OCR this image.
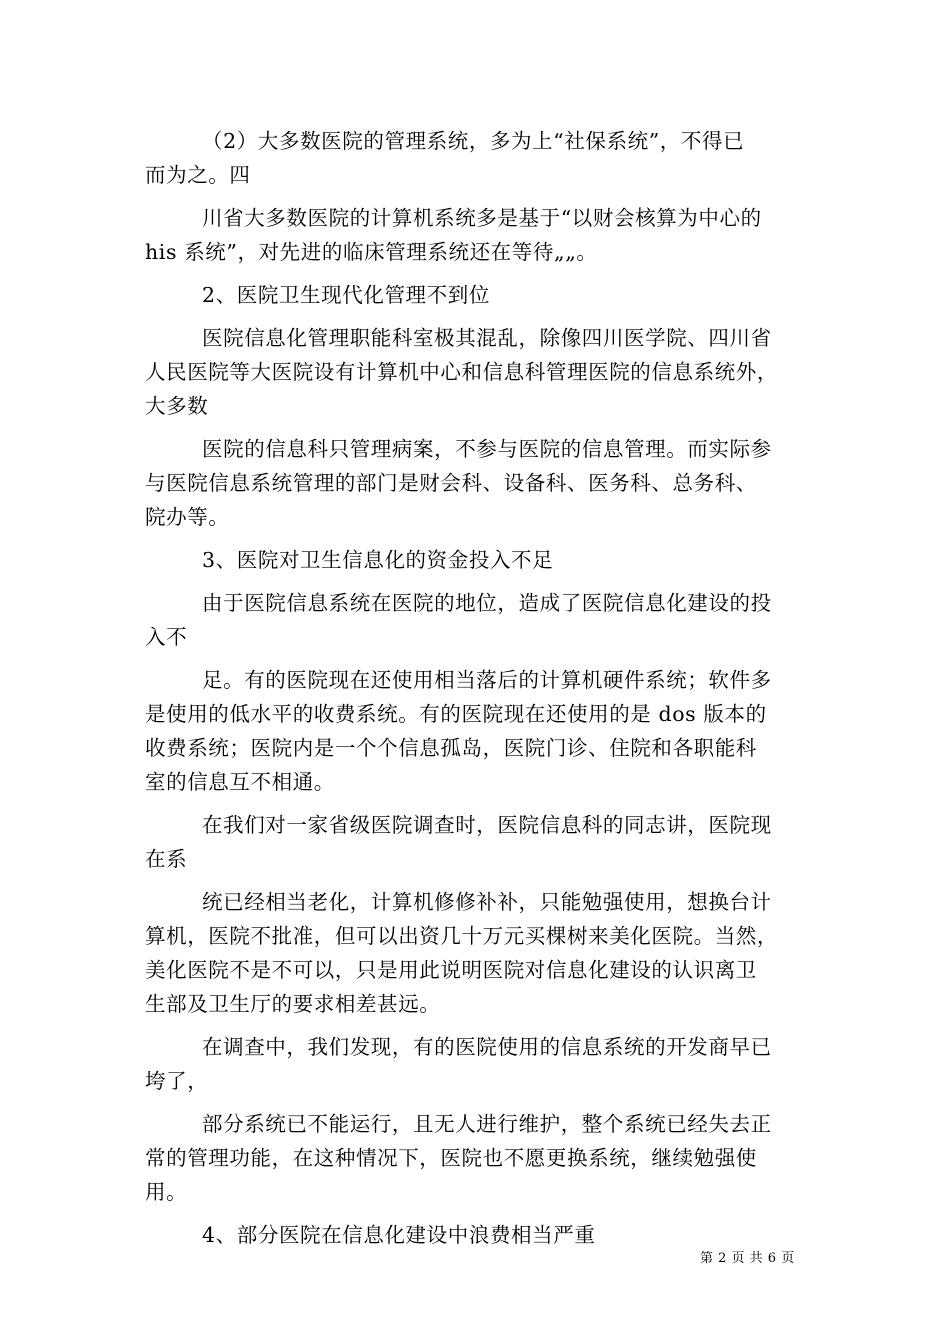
（2）大多数医院的管理系统，多为上“社保系统”，不得已
而为之。四
川省大多数医院的计算机系统多是基于“以财会核算为中心的
his 系统”，对先进的临床管理系统还在等待„„。
2、医院卫生现代化管理不到位
医院信息化管理职能科室极其混乱，除像四川医学院、四川省
人民医院等大医院设有计算机中心和信息科管理医院的信息系统外，
大多数
医院的信息科只管理病案，不参与医院的信息管理。而实际参
与医院信息系统管理的部门是财会科、设备科、医务科、总务科、
院办等。
3、医院对卫生信息化的资金投入不足
由于医院信息系统在医院的地位，造成了医院信息化建设的投
入不
足。有的医院现在还使用相当落后的计算机硬件系统；软件多
是使用的低水平的收费系统。有的医院现在还使用的是 dos 版本的
收费系统；医院内是一个个信息孤岛，医院门诊、住院和各职能科
室的信息互不相通。
在我们对一家省级医院调查时，医院信息科的同志讲，医院现
在系
统已经相当老化，计算机修修补补，只能勉强使用，想换台计
算机，医院不批准，但可以出资几十万元买棵树来美化医院。当然，
美化医院不是不可以，只是用此说明医院对信息化建设的认识离卫
生部及卫生厅的要求相差甚远。
在调查中，我们发现，有的医院使用的信息系统的开发商早已
垮了，
部分系统已不能运行，且无人进行维护，整个系统已经失去正
常的管理功能，在这种情况下，医院也不愿更换系统，继续勉强使
用。
4、部分医院在信息化建设中浪费相当严重
第 2 页 共 6 页
